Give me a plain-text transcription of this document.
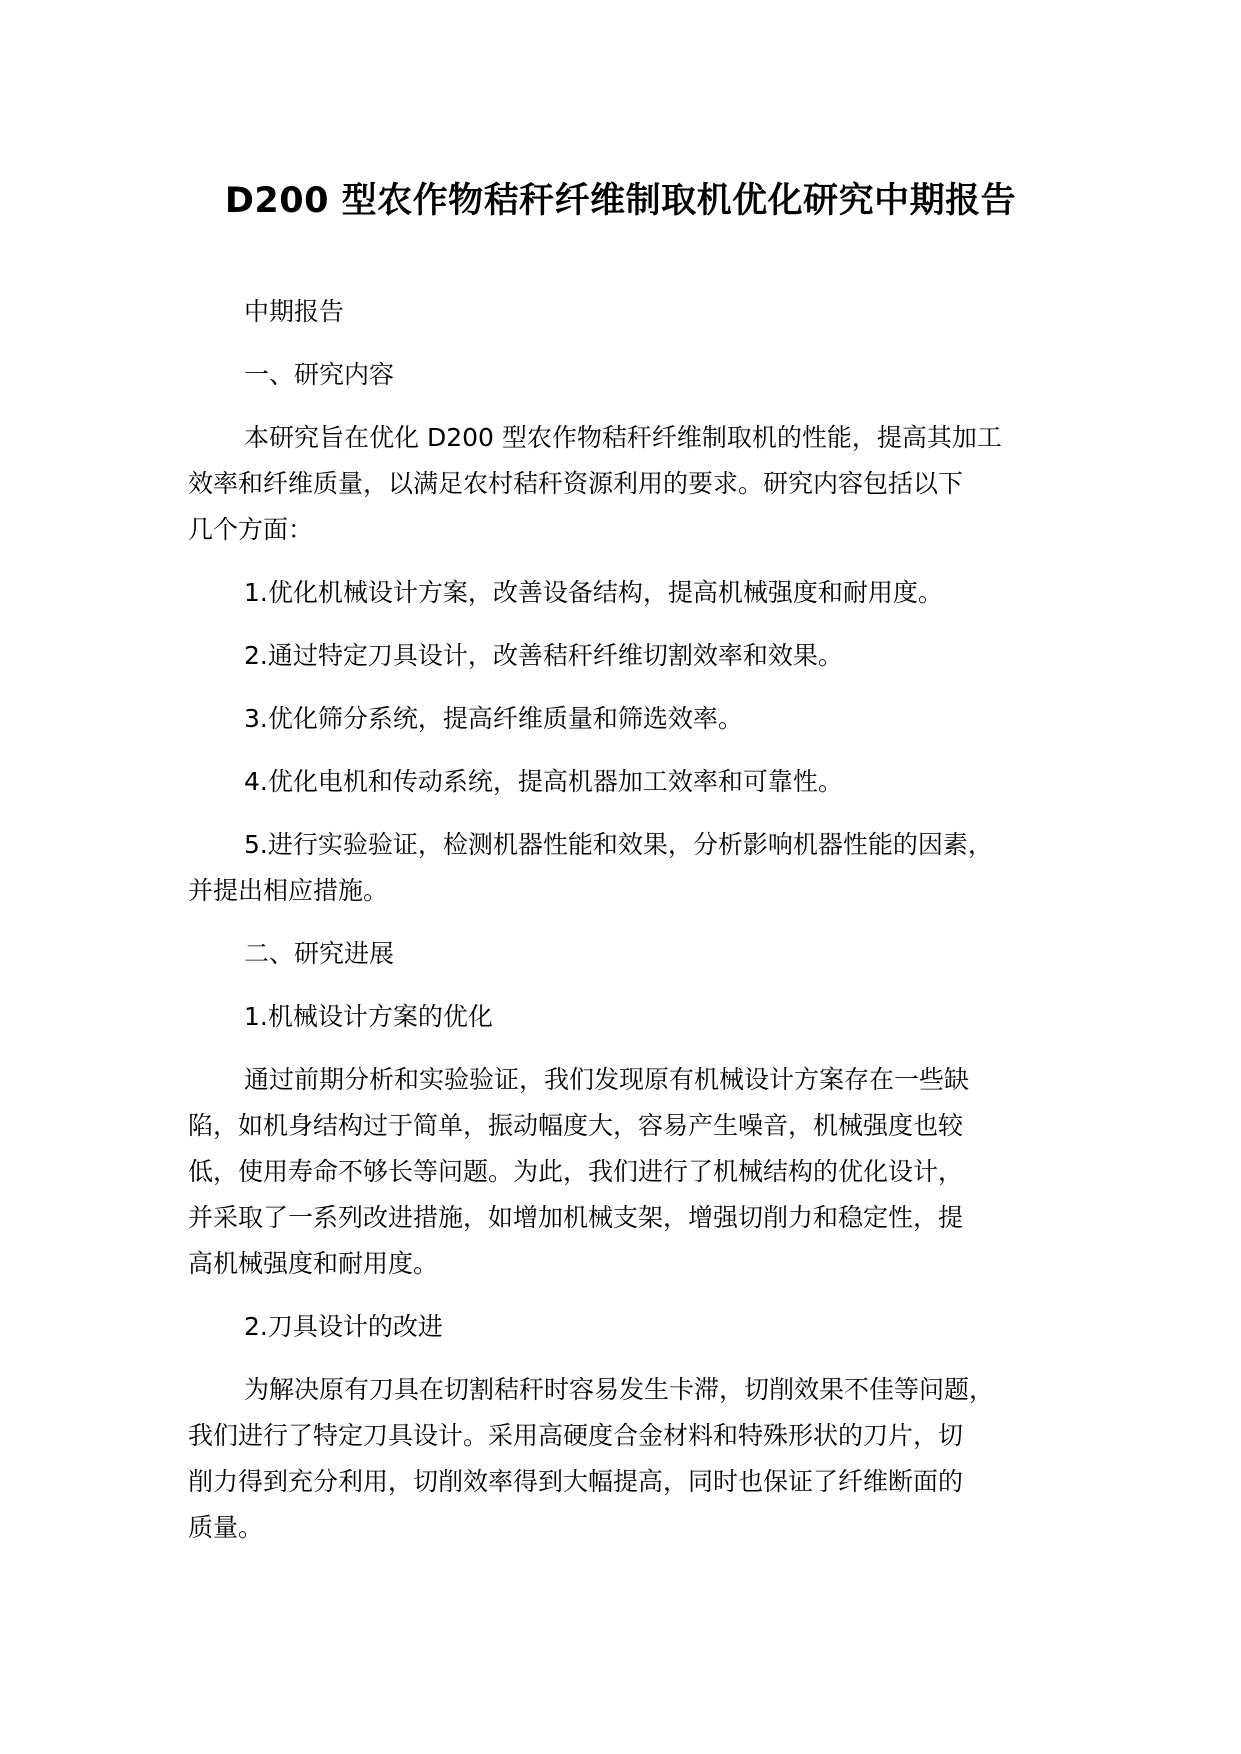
D200 型农作物秸秆纤维制取机优化研究中期报告
中期报告
一、研究内容
本研究旨在优化 D200 型农作物秸秆纤维制取机的性能，提高其加工
效率和纤维质量，以满足农村秸秆资源利用的要求。研究内容包括以下
几个方面：
1.优化机械设计方案，改善设备结构，提高机械强度和耐用度。
2.通过特定刀具设计，改善秸秆纤维切割效率和效果。
3.优化筛分系统，提高纤维质量和筛选效率。
4.优化电机和传动系统，提高机器加工效率和可靠性。
5.进行实验验证，检测机器性能和效果，分析影响机器性能的因素，
并提出相应措施。
二、研究进展
1.机械设计方案的优化
通过前期分析和实验验证，我们发现原有机械设计方案存在一些缺
陷，如机身结构过于简单，振动幅度大，容易产生噪音，机械强度也较
低，使用寿命不够长等问题。为此，我们进行了机械结构的优化设计，
并采取了一系列改进措施，如增加机械支架，增强切削力和稳定性，提
高机械强度和耐用度。
2.刀具设计的改进
为解决原有刀具在切割秸秆时容易发生卡滞，切削效果不佳等问题，
我们进行了特定刀具设计。采用高硬度合金材料和特殊形状的刀片，切
削力得到充分利用，切削效率得到大幅提高，同时也保证了纤维断面的
质量。
